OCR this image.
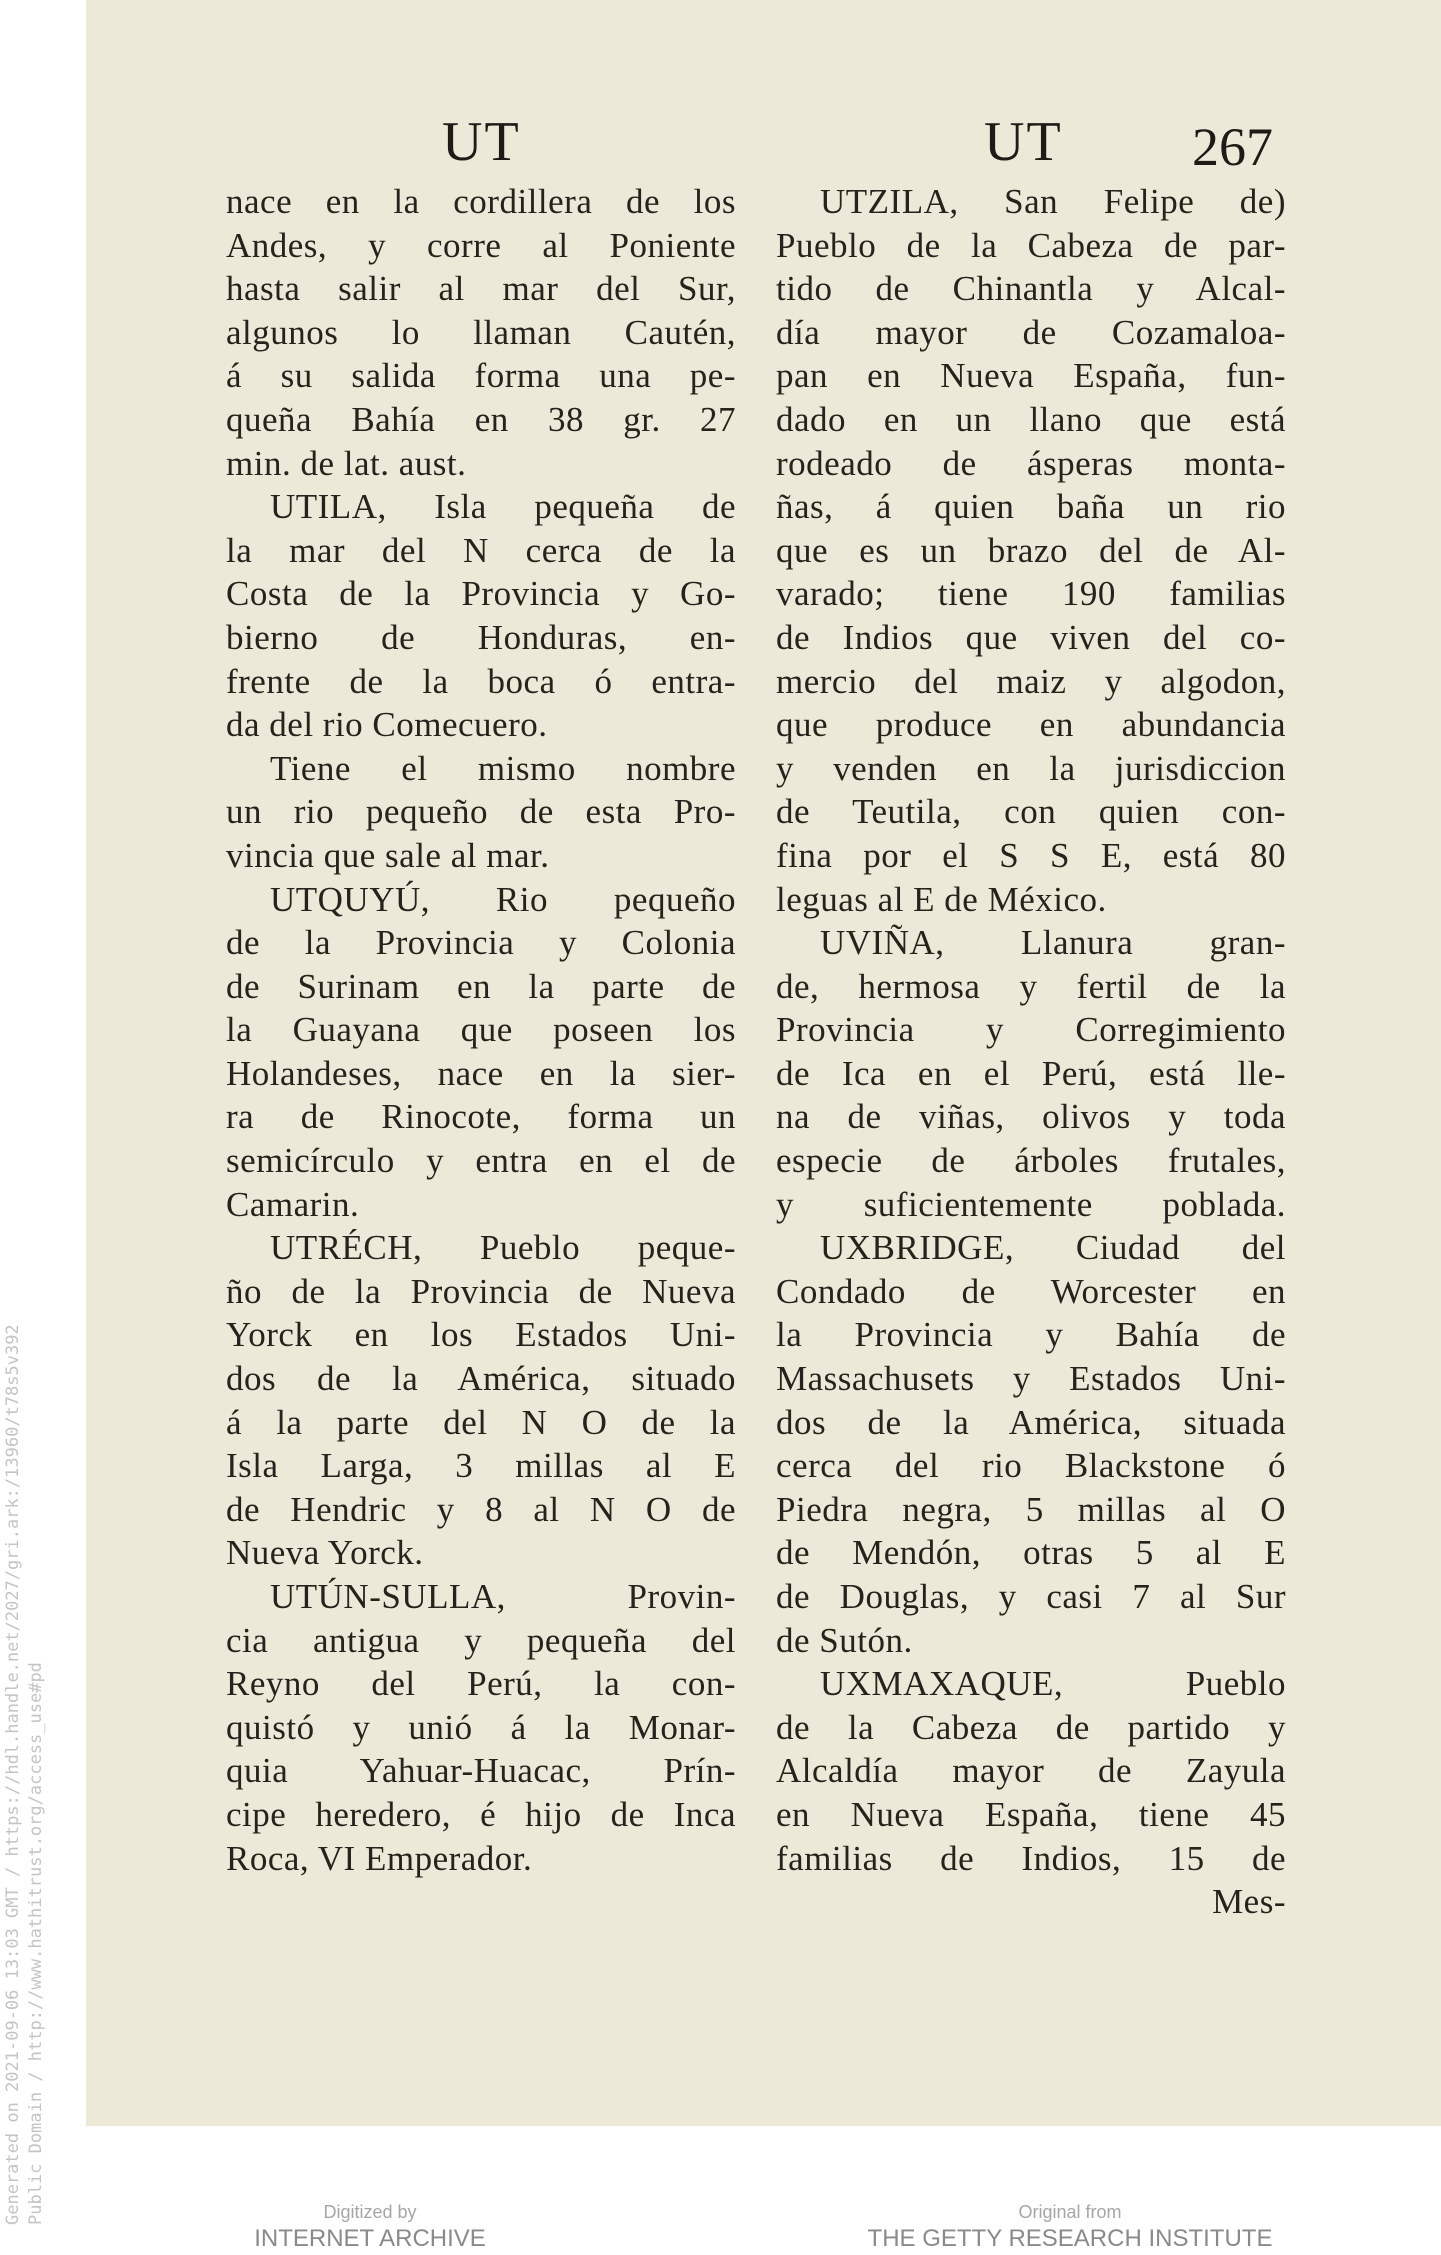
Generated on 2021-09-06 13:03 GMT / https://hdl.handle.net/2027/gri.ark:/13960/t78s5v392 Public Domain / http://www.hathitrust.org/access_use#pd
UT	UT 267
nace en la cordillera de los
Andes, y corre al Poniente
hasta salir al mar del Sur,
algunos lo llaman Cautén,
á su salida forma una pe-
queña Bahía en 38 gr. 27
min. de lat. aust.
UTILA, Isla pequeña de
la mar del N cerca de la
Costa de la Provincia y Go-
bierno de Honduras, en-
frente de la boca ó entra-
da del rio Comecuero.
Tiene el mismo nombre
un rio pequeño de esta Pro-
vincia que sale al mar.
UTQUYÚ, Rio pequeño
de la Provincia y Colonia
de Surinam en la parte de
la Guayana que poseen los
Holandeses, nace en la sier-
ra de Rinocote, forma un
semicírculo y entra en el de
Camarin.
UTRÉCH, Pueblo peque-
ño de la Provincia de Nueva
Yorck en los Estados Uni-
dos de la América, situado
á la parte del N O de la
Isla Larga, 3 millas al E
de Hendric y 8 al N O de
Nueva Yorck.
UTÚN-SULLA, Provin-
cia antigua y pequeña del
Reyno del Perú, la con-
quistó y unió á la Monar-
quia Yahuar-Huacac, Prín-
cipe heredero, é hijo de Inca
Roca, VI Emperador.
UTZILA, San Felipe de)
Pueblo de la Cabeza de par-
tido de Chinantla y Alcal-
día mayor de Cozamaloa-
pan en Nueva España, fun-
dado en un llano que está
rodeado de ásperas monta-
ñas, á quien baña un rio
que es un brazo del de Al-
varado; tiene 190 familias
de Indios que viven del co-
mercio del maiz y algodon,
que produce en abundancia
y venden en la jurisdiccion
de Teutila, con quien con-
fina por el S S E, está 80
leguas al E de México.
UVIÑA, Llanura gran-
de, hermosa y fertil de la
Provincia y Corregimiento
de Ica en el Perú, está lle-
na de viñas, olivos y toda
especie de árboles frutales,
y suficientemente poblada.
UXBRIDGE, Ciudad del
Condado de Worcester en
la Provincia y Bahía de
Massachusets y Estados Uni-
dos de la América, situada
cerca del rio Blackstone ó
Piedra negra, 5 millas al O
de Mendón, otras 5 al E
de Douglas, y casi 7 al Sur
de Sutón.
UXMAXAQUE, Pueblo
de la Cabeza de partido y
Alcaldía mayor de Zayula
en Nueva España, tiene 45
familias de Indios, 15 de
Mes-
Digitized by
INTERNET ARCHIVE
Original from
THE GETTY RESEARCH INSTITUTE
